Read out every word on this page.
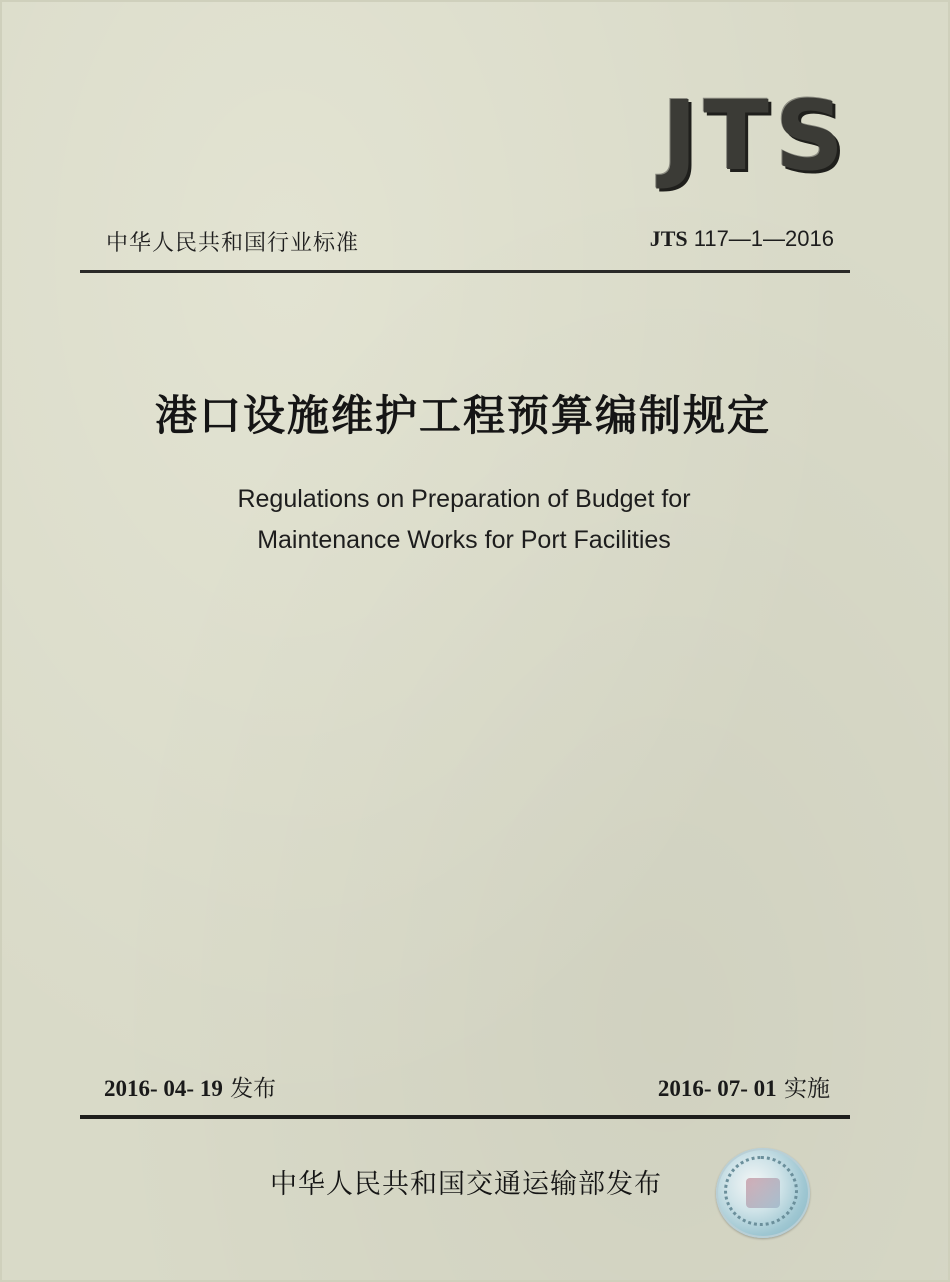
JTS
中华人民共和国行业标准	JTS 117—1—2016
港口设施维护工程预算编制规定
Regulations on Preparation of Budget for
Maintenance Works for Port Facilities
2016- 04- 19 发布	2016- 07- 01 实施
中华人民共和国交通运输部发布
